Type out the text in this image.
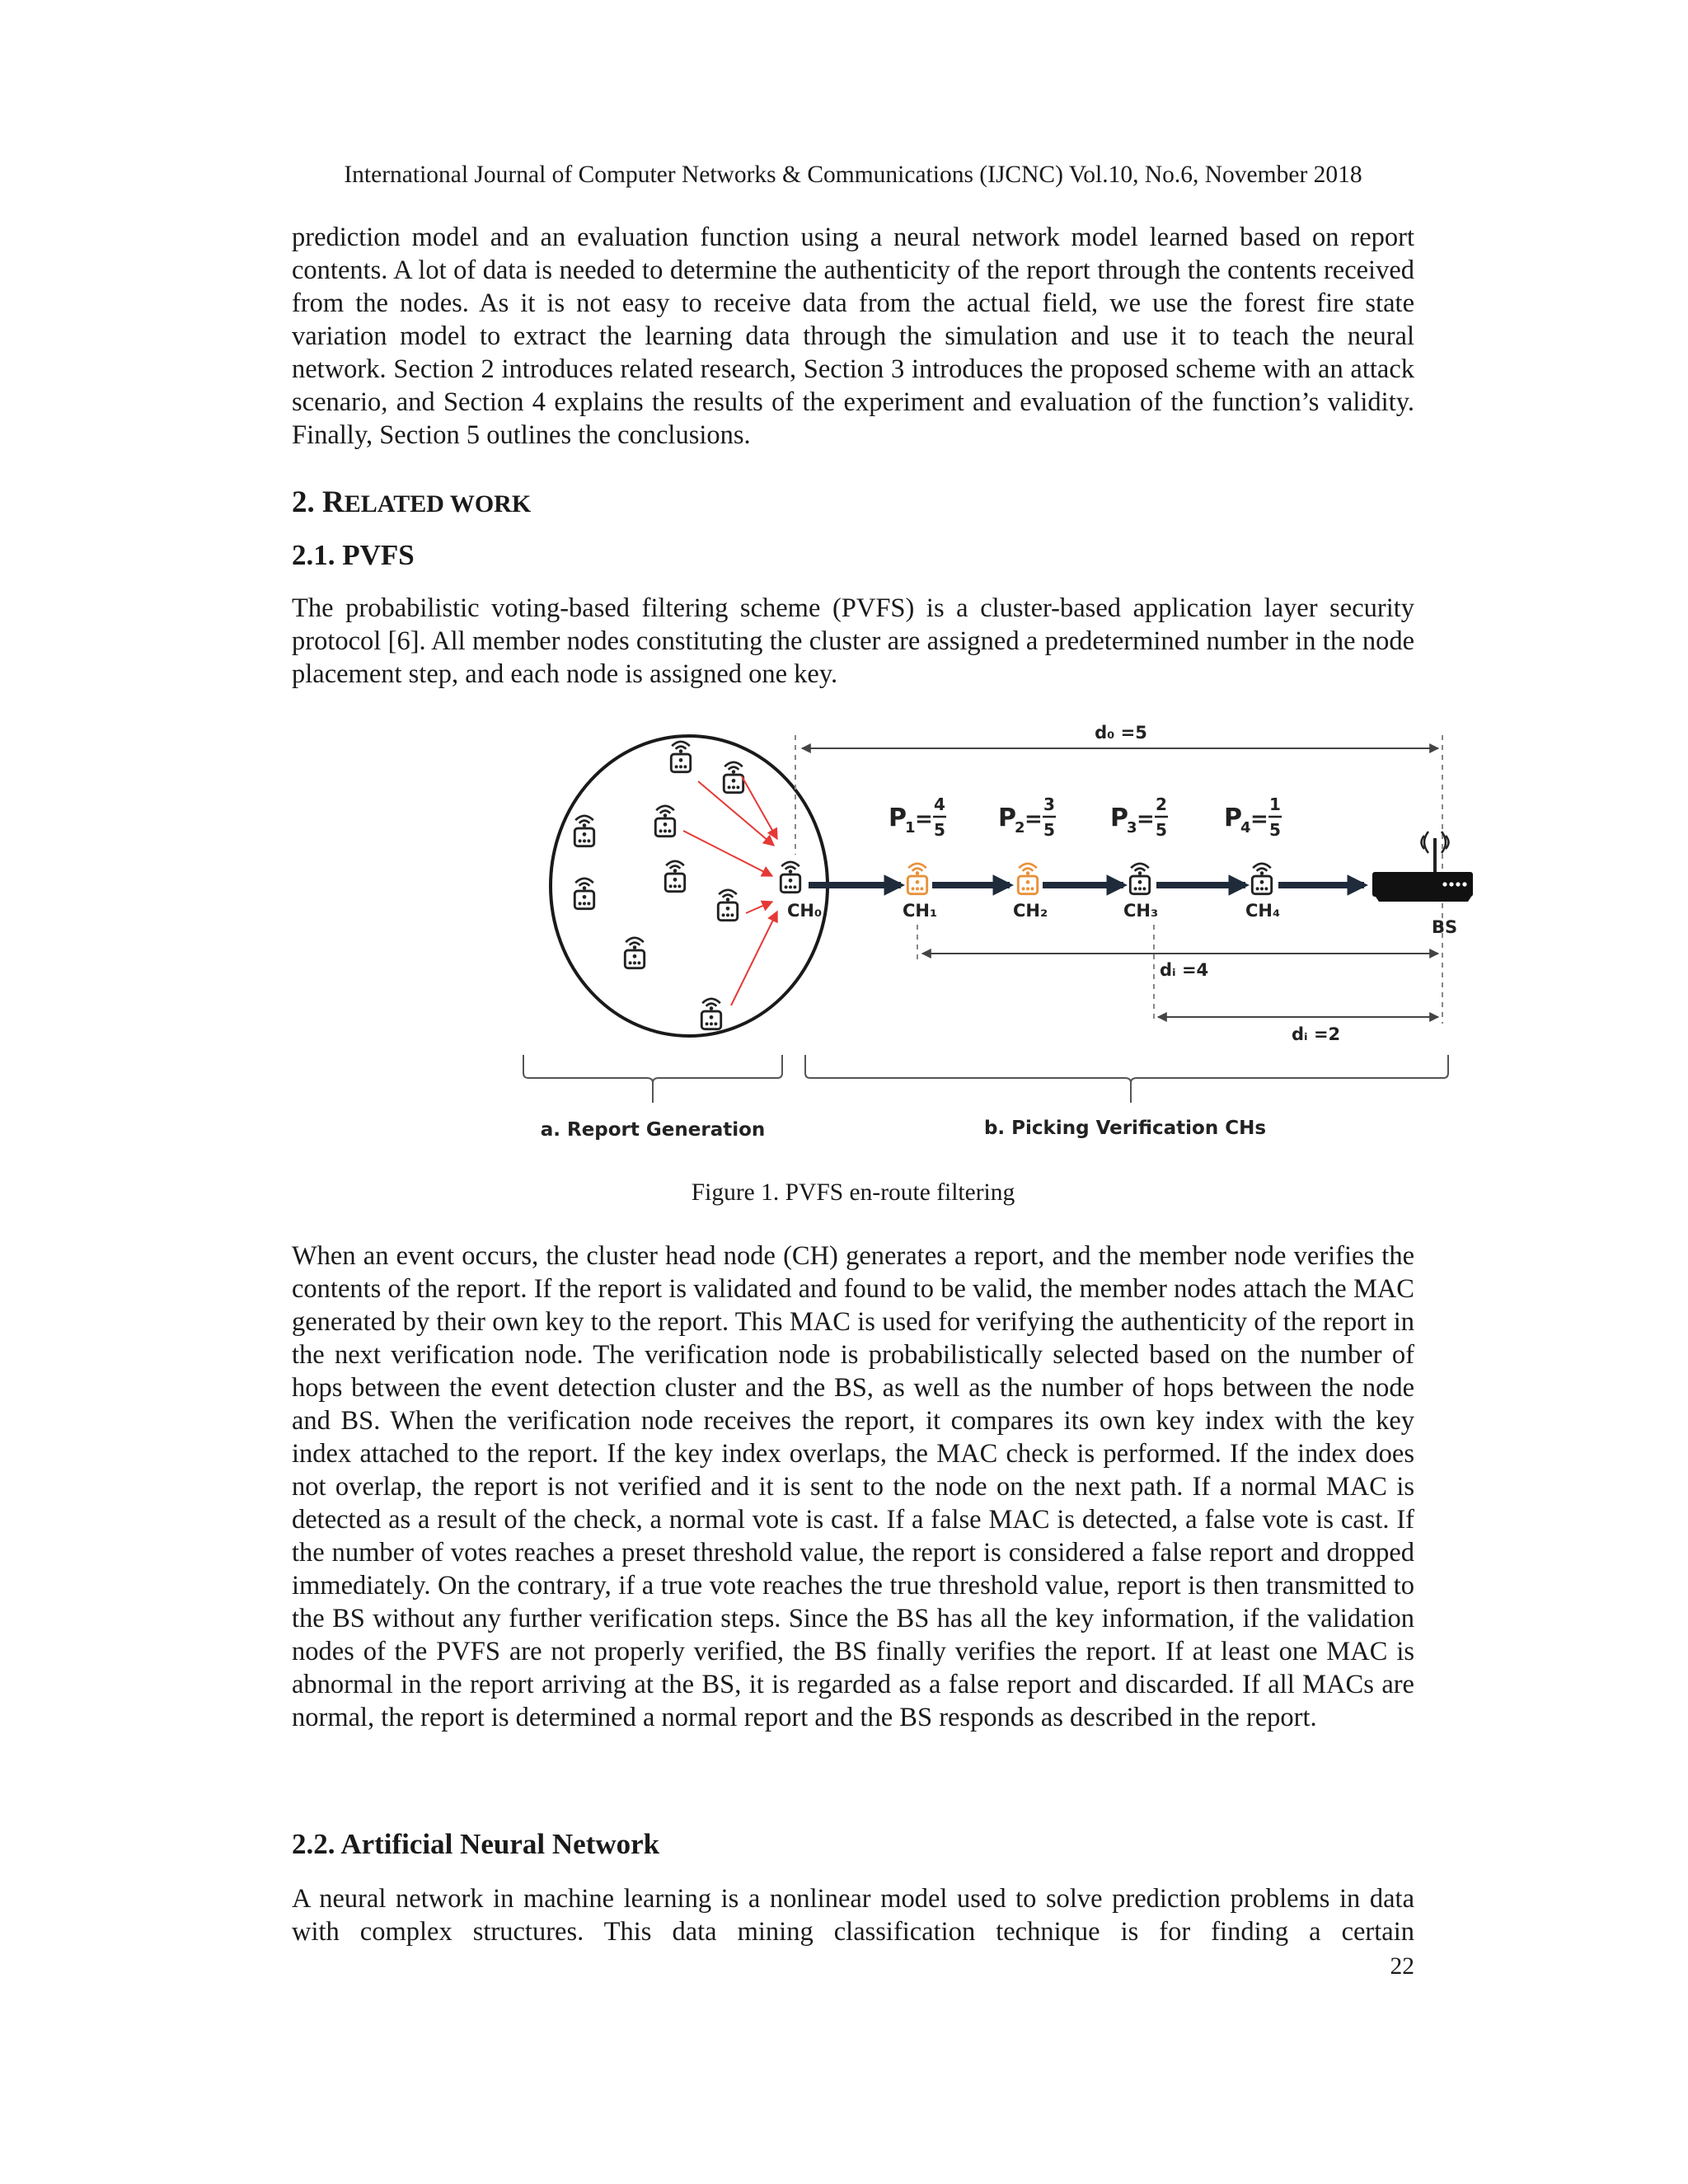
International Journal of Computer Networks & Communications (IJCNC) Vol.10, No.6, November 2018

prediction model and an evaluation function using a neural network model learned based on report contents. A lot of data is needed to determine the authenticity of the report through the contents received from the nodes. As it is not easy to receive data from the actual field, we use the forest fire state variation model to extract the learning data through the simulation and use it to teach the neural network. Section 2 introduces related research, Section 3 introduces the proposed scheme with an attack scenario, and Section 4 explains the results of the experiment and evaluation of the function’s validity. Finally, Section 5 outlines the conclusions.

2. RELATED WORK
2.1. PVFS

The probabilistic voting-based filtering scheme (PVFS) is a cluster-based application layer security protocol [6]. All member nodes constituting the cluster are assigned a predetermined number in the node placement step, and each node is assigned one key.

Figure 1. PVFS en-route filtering

When an event occurs, the cluster head node (CH) generates a report, and the member node verifies the contents of the report. If the report is validated and found to be valid, the member nodes attach the MAC generated by their own key to the report. This MAC is used for verifying the authenticity of the report in the next verification node. The verification node is probabilistically selected based on the number of hops between the event detection cluster and the BS, as well as the number of hops between the node and BS. When the verification node receives the report, it compares its own key index with the key index attached to the report. If the key index overlaps, the MAC check is performed. If the index does not overlap, the report is not verified and it is sent to the node on the next path. If a normal MAC is detected as a result of the check, a normal vote is cast. If a false MAC is detected, a false vote is cast. If the number of votes reaches a preset threshold value, the report is considered a false report and dropped immediately. On the contrary, if a true vote reaches the true threshold value, report is then transmitted to the BS without any further verification steps. Since the BS has all the key information, if the validation nodes of the PVFS are not properly verified, the BS finally verifies the report. If at least one MAC is abnormal in the report arriving at the BS, it is regarded as a false report and discarded. If all MACs are normal, the report is determined a normal report and the BS responds as described in the report.

2.2. Artificial Neural Network

A neural network in machine learning is a nonlinear model used to solve prediction problems in data with complex structures. This data mining classification technique is for finding a certain

22
CH₀
d₀ =5
P
1 =
4
5 P
2 =
3
5 P
3 =
2
5 P
4 =
1
5
CH₁	CH₂	CH₃	CH₄
BS
dᵢ =4
dᵢ =2
a. Report Generation	b. Picking Verification CHs
